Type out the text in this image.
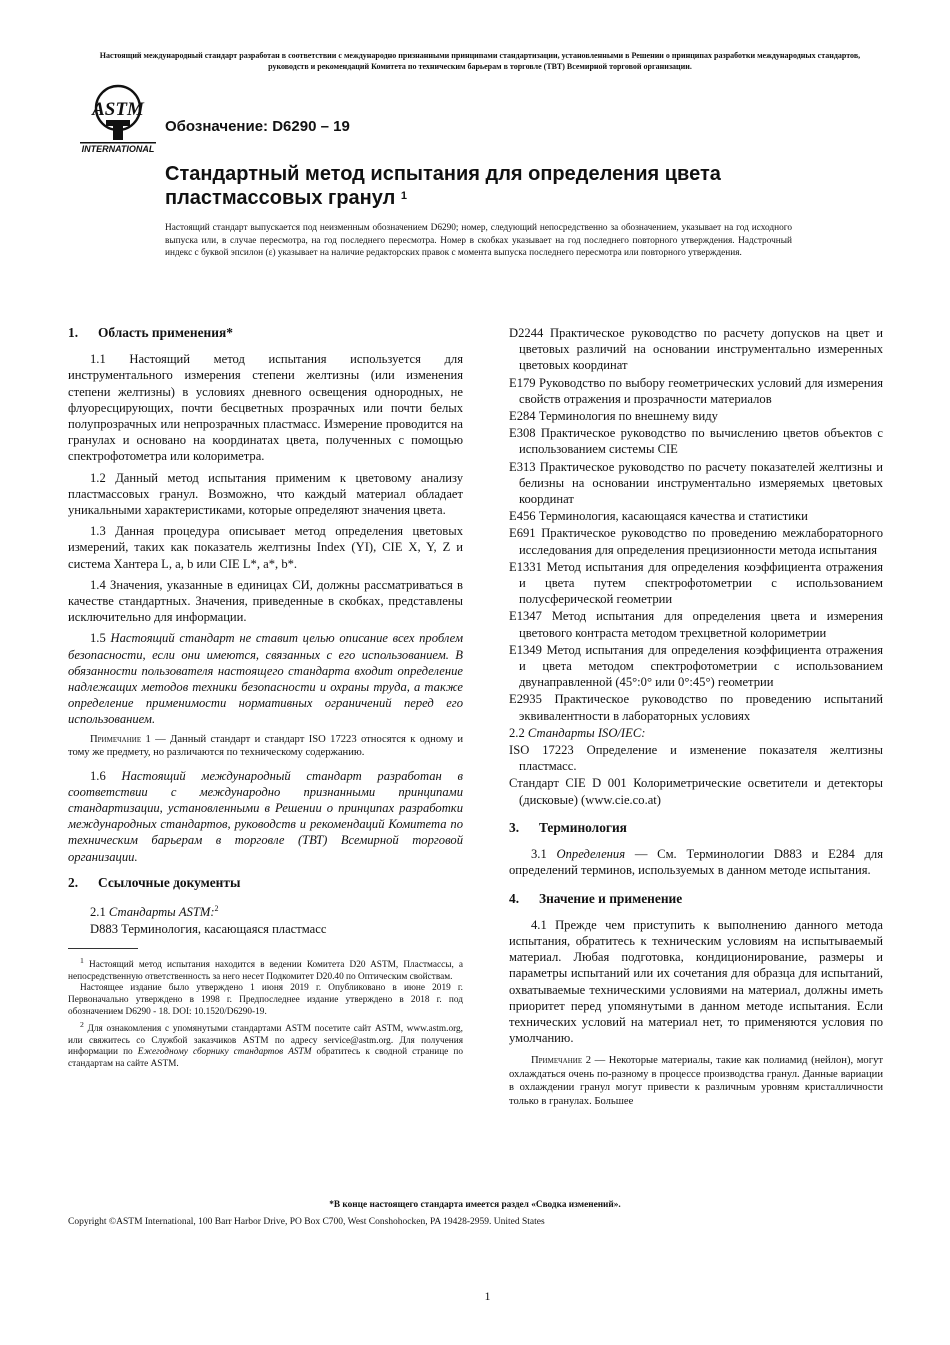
Настоящий международный стандарт разработан в соответствии с международно признанными принципами стандартизации, установленными в Решении о принципах разработки международных стандартов, руководств и рекомендаций Комитета по техническим барьерам в торговле (ТВТ) Всемирной торговой организации.
ASTM
INTERNATIONAL
Обозначение: D6290 – 19
Стандартный метод испытания для определения цвета пластмассовых гранул $^1$
Настоящий стандарт выпускается под неизменным обозначением D6290; номер, следующий непосредственно за обозначением, указывает на год исходного выпуска или, в случае пересмотра, на год последнего пересмотра. Номер в скобках указывает на год последнего повторного утверждения. Надстрочный индекс с буквой эпсилон (ε) указывает на наличие редакторских правок с момента выпуска последнего пересмотра или повторного утверждения.
1. Область применения*

1.1 Настоящий метод испытания используется для инструментального измерения степени желтизны (или изменения степени желтизны) в условиях дневного освещения однородных, не флуоресцирующих, почти бесцветных прозрачных или почти белых полупрозрачных или непрозрачных пластмасс. Измерение проводится на гранулах и основано на координатах цвета, полученных с помощью спектрофотометра или колориметра.

1.2 Данный метод испытания применим к цветовому анализу пластмассовых гранул. Возможно, что каждый материал обладает уникальными характеристиками, которые определяют значения цвета.

1.3 Данная процедура описывает метод определения цветовых измерений, таких как показатель желтизны Index (YI), CIE X, Y, Z и система Хантера L, a, b или CIE L*, a*, b*.

1.4 Значения, указанные в единицах СИ, должны рассматриваться в качестве стандартных. Значения, приведенные в скобках, представлены исключительно для информации.

1.5 Настоящий стандарт не ставит целью описание всех проблем безопасности, если они имеются, связанных с его использованием. В обязанности пользователя настоящего стандарта входит определение надлежащих методов техники безопасности и охраны труда, а также определение применимости нормативных ограничений перед его использованием.

Примечание 1 — Данный стандарт и стандарт ISO 17223 относятся к одному и тому же предмету, но различаются по техническому содержанию.

1.6 Настоящий международный стандарт разработан в соответствии с международно признанными принципами стандартизации, установленными в Решении о принципах разработки международных стандартов, руководств и рекомендаций Комитета по техническим барьерам в торговле (ТВТ) Всемирной торговой организации.

2. Ссылочные документы

2.1 Стандарты ASTM:$^2$

D883 Терминология, касающаяся пластмасс

$^1$ Настоящий метод испытания находится в ведении Комитета D20 ASTM, Пластмассы, а непосредственную ответственность за него несет Подкомитет D20.40 по Оптическим свойствам.

Настоящее издание было утверждено 1 июня 2019 г. Опубликовано в июне 2019 г. Первоначально утверждено в 1998 г. Предпоследнее издание утверждено в 2018 г. под обозначением D6290 - 18. DOI: 10.1520/D6290-19.

$^2$ Для ознакомления с упомянутыми стандартами ASTM посетите сайт ASTM, www.astm.org, или свяжитесь со Службой заказчиков ASTM по адресу service@astm.org. Для получения информации по Ежегодному сборнику стандартов ASTM обратитесь к сводной странице по стандартам на сайте ASTM.

D2244 Практическое руководство по расчету допусков на цвет и цветовых различий на основании инструментально измеренных цветовых координат

E179 Руководство по выбору геометрических условий для измерения свойств отражения и прозрачности материалов

E284 Терминология по внешнему виду

E308 Практическое руководство по вычислению цветов объектов с использованием системы CIE

E313 Практическое руководство по расчету показателей желтизны и белизны на основании инструментально измеряемых цветовых координат

E456 Терминология, касающаяся качества и статистики

E691 Практическое руководство по проведению межлабораторного исследования для определения прецизионности метода испытания

E1331 Метод испытания для определения коэффициента отражения и цвета путем спектрофотометрии с использованием полусферической геометрии

E1347 Метод испытания для определения цвета и измерения цветового контраста методом трехцветной колориметрии

E1349 Метод испытания для определения коэффициента отражения и цвета методом спектрофотометрии с использованием двунаправленной (45°:0° или 0°:45°) геометрии

E2935 Практическое руководство по проведению испытаний эквивалентности в лабораторных условиях

2.2 Стандарты ISO/IEC:

ISO 17223 Определение и изменение показателя желтизны пластмасс.

Стандарт CIE D 001 Колориметрические осветители и детекторы (дисковые) (www.cie.co.at)

3. Терминология

3.1 Определения — См. Терминологии D883 и E284 для определений терминов, используемых в данном методе испытания.

4. Значение и применение

4.1 Прежде чем приступить к выполнению данного метода испытания, обратитесь к техническим условиям на испытываемый материал. Любая подготовка, кондиционирование, размеры и параметры испытаний или их сочетания для образца для испытаний, охватываемые техническими условиями на материал, должны иметь приоритет перед упомянутыми в данном методе испытания. Если технических условий на материал нет, то применяются условия по умолчанию.

Примечание 2 — Некоторые материалы, такие как полиамид (нейлон), могут охлаждаться очень по-разному в процессе производства гранул. Данные вариации в охлаждении гранул могут привести к различным уровням кристалличности только в гранулах. Большее

*В конце настоящего стандарта имеется раздел «Сводка изменений».
Copyright ©ASTM International, 100 Barr Harbor Drive, PO Box C700, West Conshohocken, PA 19428-2959. United States
1
